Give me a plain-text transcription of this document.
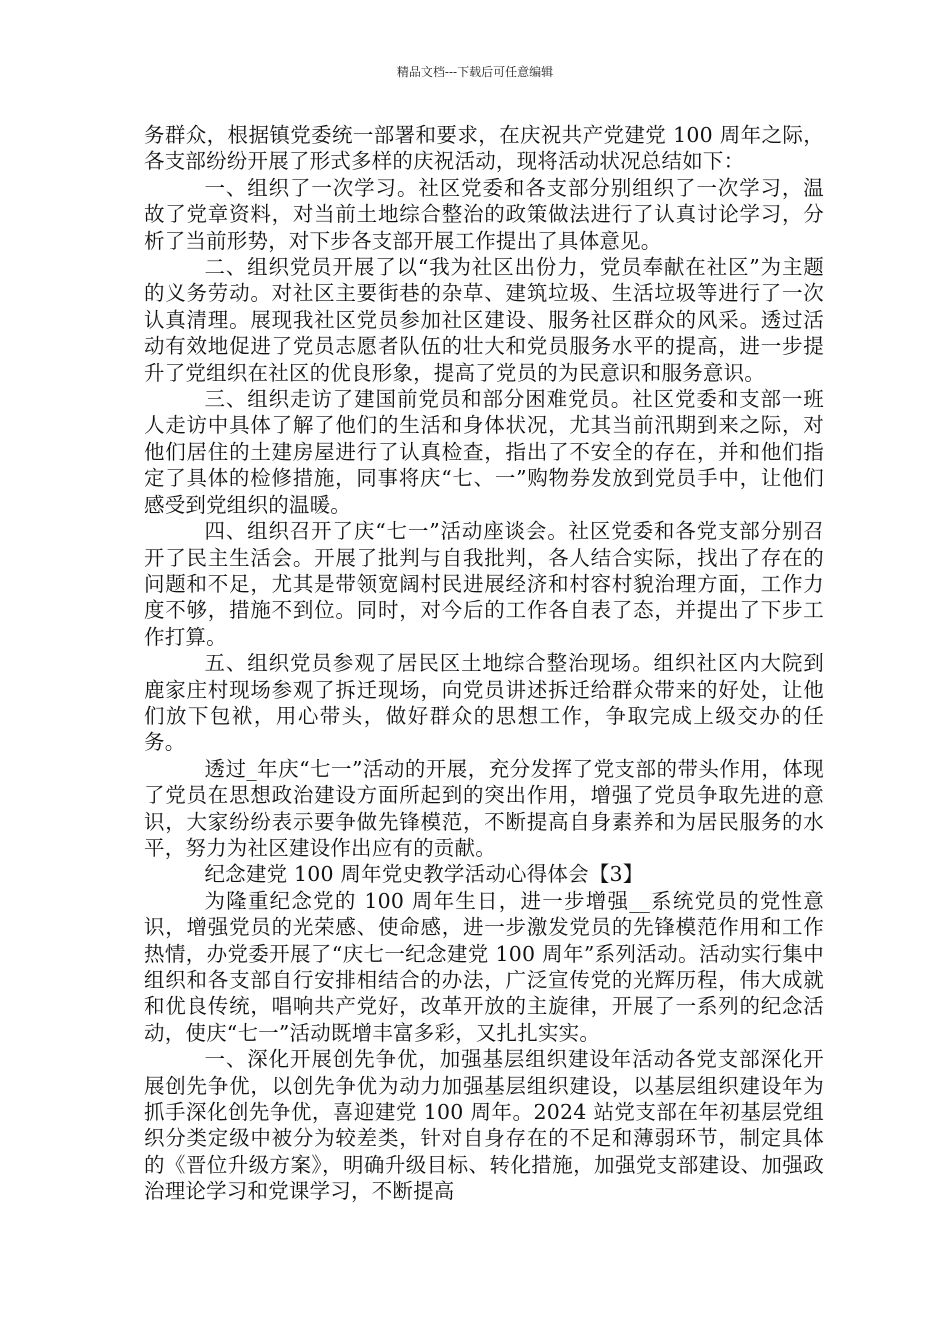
精品文档---下载后可任意编辑

务群众，根据镇党委统一部署和要求，在庆祝共产党建党 100 周年之际，各支部纷纷开展了形式多样的庆祝活动，现将活动状况总结如下：

一、组织了一次学习。社区党委和各支部分别组织了一次学习，温故了党章资料，对当前土地综合整治的政策做法进行了认真讨论学习，分析了当前形势，对下步各支部开展工作提出了具体意见。

二、组织党员开展了以“我为社区出份力，党员奉献在社区”为主题的义务劳动。对社区主要街巷的杂草、建筑垃圾、生活垃圾等进行了一次认真清理。展现我社区党员参加社区建设、服务社区群众的风采。透过活动有效地促进了党员志愿者队伍的壮大和党员服务水平的提高，进一步提升了党组织在社区的优良形象，提高了党员的为民意识和服务意识。

三、组织走访了建国前党员和部分困难党员。社区党委和支部一班人走访中具体了解了他们的生活和身体状况，尤其当前汛期到来之际，对他们居住的土建房屋进行了认真检查，指出了不安全的存在，并和他们指定了具体的检修措施，同事将庆“七、一”购物券发放到党员手中，让他们感受到党组织的温暖。

四、组织召开了庆“七一”活动座谈会。社区党委和各党支部分别召开了民主生活会。开展了批判与自我批判，各人结合实际，找出了存在的问题和不足，尤其是带领宽阔村民进展经济和村容村貌治理方面，工作力度不够，措施不到位。同时，对今后的工作各自表了态，并提出了下步工作打算。

五、组织党员参观了居民区土地综合整治现场。组织社区内大院到鹿家庄村现场参观了拆迁现场，向党员讲述拆迁给群众带来的好处，让他们放下包袱，用心带头，做好群众的思想工作，争取完成上级交办的任务。

透过_年庆“七一”活动的开展，充分发挥了党支部的带头作用，体现了党员在思想政治建设方面所起到的突出作用，增强了党员争取先进的意识，大家纷纷表示要争做先锋模范，不断提高自身素养和为居民服务的水平，努力为社区建设作出应有的贡献。

纪念建党 100 周年党史教学活动心得体会【3】

为隆重纪念党的 100 周年生日，进一步增强__系统党员的党性意识，增强党员的光荣感、使命感，进一步激发党员的先锋模范作用和工作热情，办党委开展了“庆七一纪念建党 100 周年”系列活动。活动实行集中组织和各支部自行安排相结合的办法，广泛宣传党的光辉历程，伟大成就和优良传统，唱响共产党好，改革开放的主旋律，开展了一系列的纪念活动，使庆“七一”活动既增丰富多彩，又扎扎实实。

一、深化开展创先争优，加强基层组织建设年活动各党支部深化开展创先争优，以创先争优为动力加强基层组织建设，以基层组织建设年为抓手深化创先争优，喜迎建党 100 周年。2024 站党支部在年初基层党组织分类定级中被分为较差类，针对自身存在的不足和薄弱环节，制定具体的《晋位升级方案》，明确升级目标、转化措施，加强党支部建设、加强政治理论学习和党课学习，不断提高
